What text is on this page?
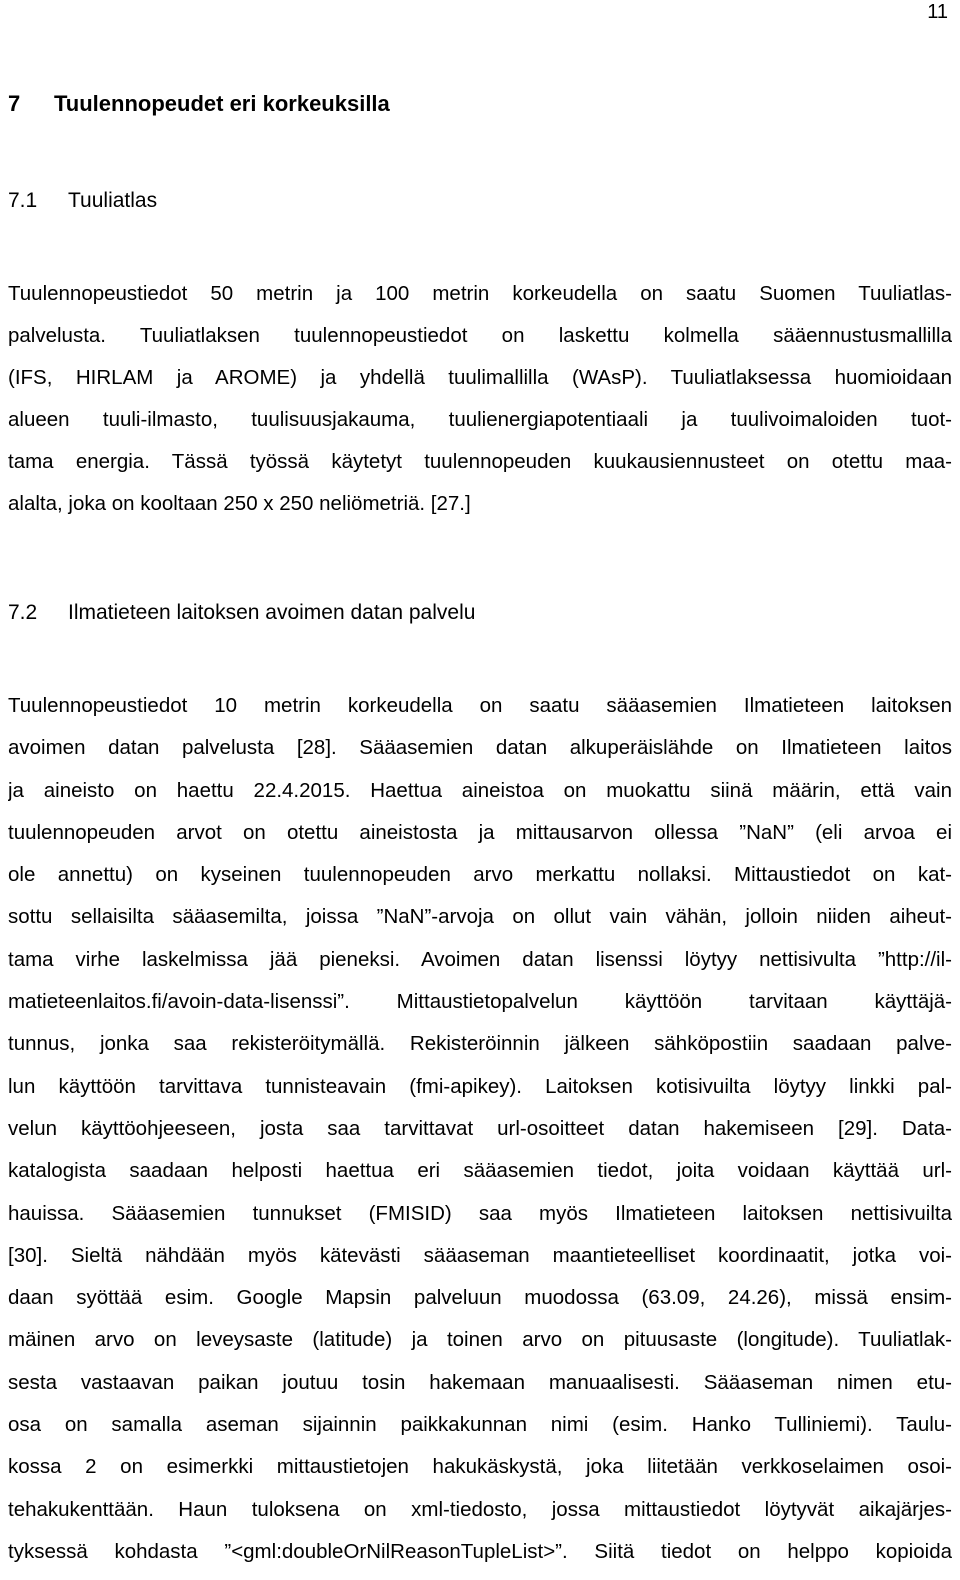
11
7 Tuulennopeudet eri korkeuksilla
7.1 Tuuliatlas
Tuulennopeustiedot 50 metrin ja 100 metrin korkeudella on saatu Suomen Tuuliatlas-
palvelusta. Tuuliatlaksen tuulennopeustiedot on laskettu kolmella sääennustusmallilla
(IFS, HIRLAM ja AROME) ja yhdellä tuulimallilla (WAsP). Tuuliatlaksessa huomioidaan
alueen tuuli-ilmasto, tuulisuusjakauma, tuulienergiapotentiaali ja tuulivoimaloiden tuot-
tama energia. Tässä työssä käytetyt tuulennopeuden kuukausiennusteet on otettu maa-
alalta, joka on kooltaan 250 x 250 neliömetriä. [27.]
7.2 Ilmatieteen laitoksen avoimen datan palvelu
Tuulennopeustiedot 10 metrin korkeudella on saatu sääasemien Ilmatieteen laitoksen
avoimen datan palvelusta [28]. Sääasemien datan alkuperäislähde on Ilmatieteen laitos
ja aineisto on haettu 22.4.2015. Haettua aineistoa on muokattu siinä määrin, että vain
tuulennopeuden arvot on otettu aineistosta ja mittausarvon ollessa ”NaN” (eli arvoa ei
ole annettu) on kyseinen tuulennopeuden arvo merkattu nollaksi. Mittaustiedot on kat-
sottu sellaisilta sääasemilta, joissa ”NaN”-arvoja on ollut vain vähän, jolloin niiden aiheut-
tama virhe laskelmissa jää pieneksi. Avoimen datan lisenssi löytyy nettisivulta ”http://il-
matieteenlaitos.fi/avoin-data-lisenssi”. Mittaustietopalvelun käyttöön tarvitaan käyttäjä-
tunnus, jonka saa rekisteröitymällä. Rekisteröinnin jälkeen sähköpostiin saadaan palve-
lun käyttöön tarvittava tunnisteavain (fmi-apikey). Laitoksen kotisivuilta löytyy linkki pal-
velun käyttöohjeeseen, josta saa tarvittavat url-osoitteet datan hakemiseen [29]. Data-
katalogista saadaan helposti haettua eri sääasemien tiedot, joita voidaan käyttää url-
hauissa. Sääasemien tunnukset (FMISID) saa myös Ilmatieteen laitoksen nettisivuilta
[30]. Sieltä nähdään myös kätevästi sääaseman maantieteelliset koordinaatit, jotka voi-
daan syöttää esim. Google Mapsin palveluun muodossa (63.09, 24.26), missä ensim-
mäinen arvo on leveysaste (latitude) ja toinen arvo on pituusaste (longitude). Tuuliatlak-
sesta vastaavan paikan joutuu tosin hakemaan manuaalisesti. Sääaseman nimen etu-
osa on samalla aseman sijainnin paikkakunnan nimi (esim. Hanko Tulliniemi). Taulu-
kossa 2 on esimerkki mittaustietojen hakukäskystä, joka liitetään verkkoselaimen osoi-
tehakukenttään. Haun tuloksena on xml-tiedosto, jossa mittaustiedot löytyvät aikajärjes-
tyksessä kohdasta ”<gml:doubleOrNilReasonTupleList>”. Siitä tiedot on helppo kopioida
